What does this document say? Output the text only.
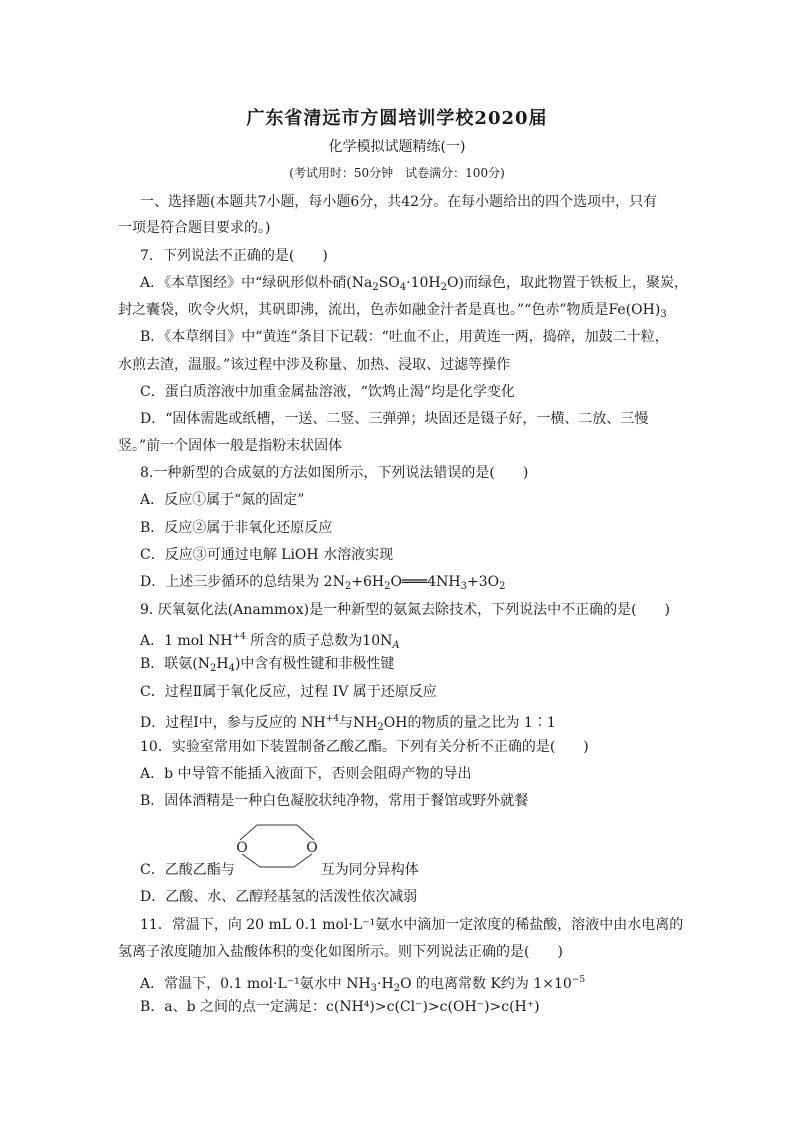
广东省清远市方圆培训学校2020届
化学模拟试题精练(一)
(考试用时：50分钟　试卷满分：100分)
一、选择题(本题共7小题，每小题6分，共42分。在每小题给出的四个选项中，只有
一项是符合题目要求的。)
7．下列说法不正确的是(　　)
A．《本草图经》中“绿矾形似朴硝$(Na_2SO_4\cdot 10H_2O)$而绿色，取此物置于铁板上，聚炭，
封之囊袋，吹令火炽，其矾即沸，流出，色赤如融金汁者是真也。”“色赤”物质是$Fe(OH)_3$
B．《本草纲目》中“黄连”条目下记载：“吐血不止，用黄连一两，捣碎，加鼓二十粒，
水煎去渣，温服。”该过程中涉及称量、加热、浸取、过滤等操作
C．蛋白质溶液中加重金属盐溶液，“饮鸩止渴”均是化学变化
D．“固体需匙或纸槽，一送、二竖、三弹弹；块固还是镊子好，一横、二放、三慢
竖。”前一个固体一般是指粉末状固体
8.一种新型的合成氨的方法如图所示，下列说法错误的是(　　)
A．反应①属于“氮的固定”
B．反应②属于非氧化还原反应
C．反应③可通过电解 LiOH 水溶液实现
D．上述三步循环的总结果为 $2N_2+6H_2O═══4NH_3+3O_2$
9. 厌氧氨化法(Anammox)是一种新型的氨氮去除技术，下列说法中不正确的是(　　)
A．1 mol $NH^{+4}$ 所含的质子总数为$10N_A$
B．联氨$(N_2H_4)$中含有极性键和非极性键
C．过程Ⅱ属于氧化反应，过程 IV 属于还原反应
D．过程Ⅰ中，参与反应的 $NH^{+4}$与$NH_2OH$的物质的量之比为 1∶1
10．实验室常用如下装置制备乙酸乙酯。下列有关分析不正确的是(　　)
A．b 中导管不能插入液面下，否则会阻碍产物的导出
B．固体酒精是一种白色凝胶状纯净物，常用于餐馆或野外就餐
O	O
C．乙酸乙酯与	互为同分异构体
D．乙酸、水、乙醇羟基氢的活泼性依次减弱
11．常温下，向 20 mL 0.1 mol·L⁻¹氨水中滴加一定浓度的稀盐酸，溶液中由水电离的
氢离子浓度随加入盐酸体积的变化如图所示。则下列说法正确的是(　　)
A．常温下，0.1 mol·L⁻¹氨水中 $NH_3\cdot H_2O$ 的电离常数 K约为 $1\times 10^{-5}$
B．a、b 之间的点一定满足：c(NH⁴)>c(Cl⁻)>c(OH⁻)>c(H⁺)
